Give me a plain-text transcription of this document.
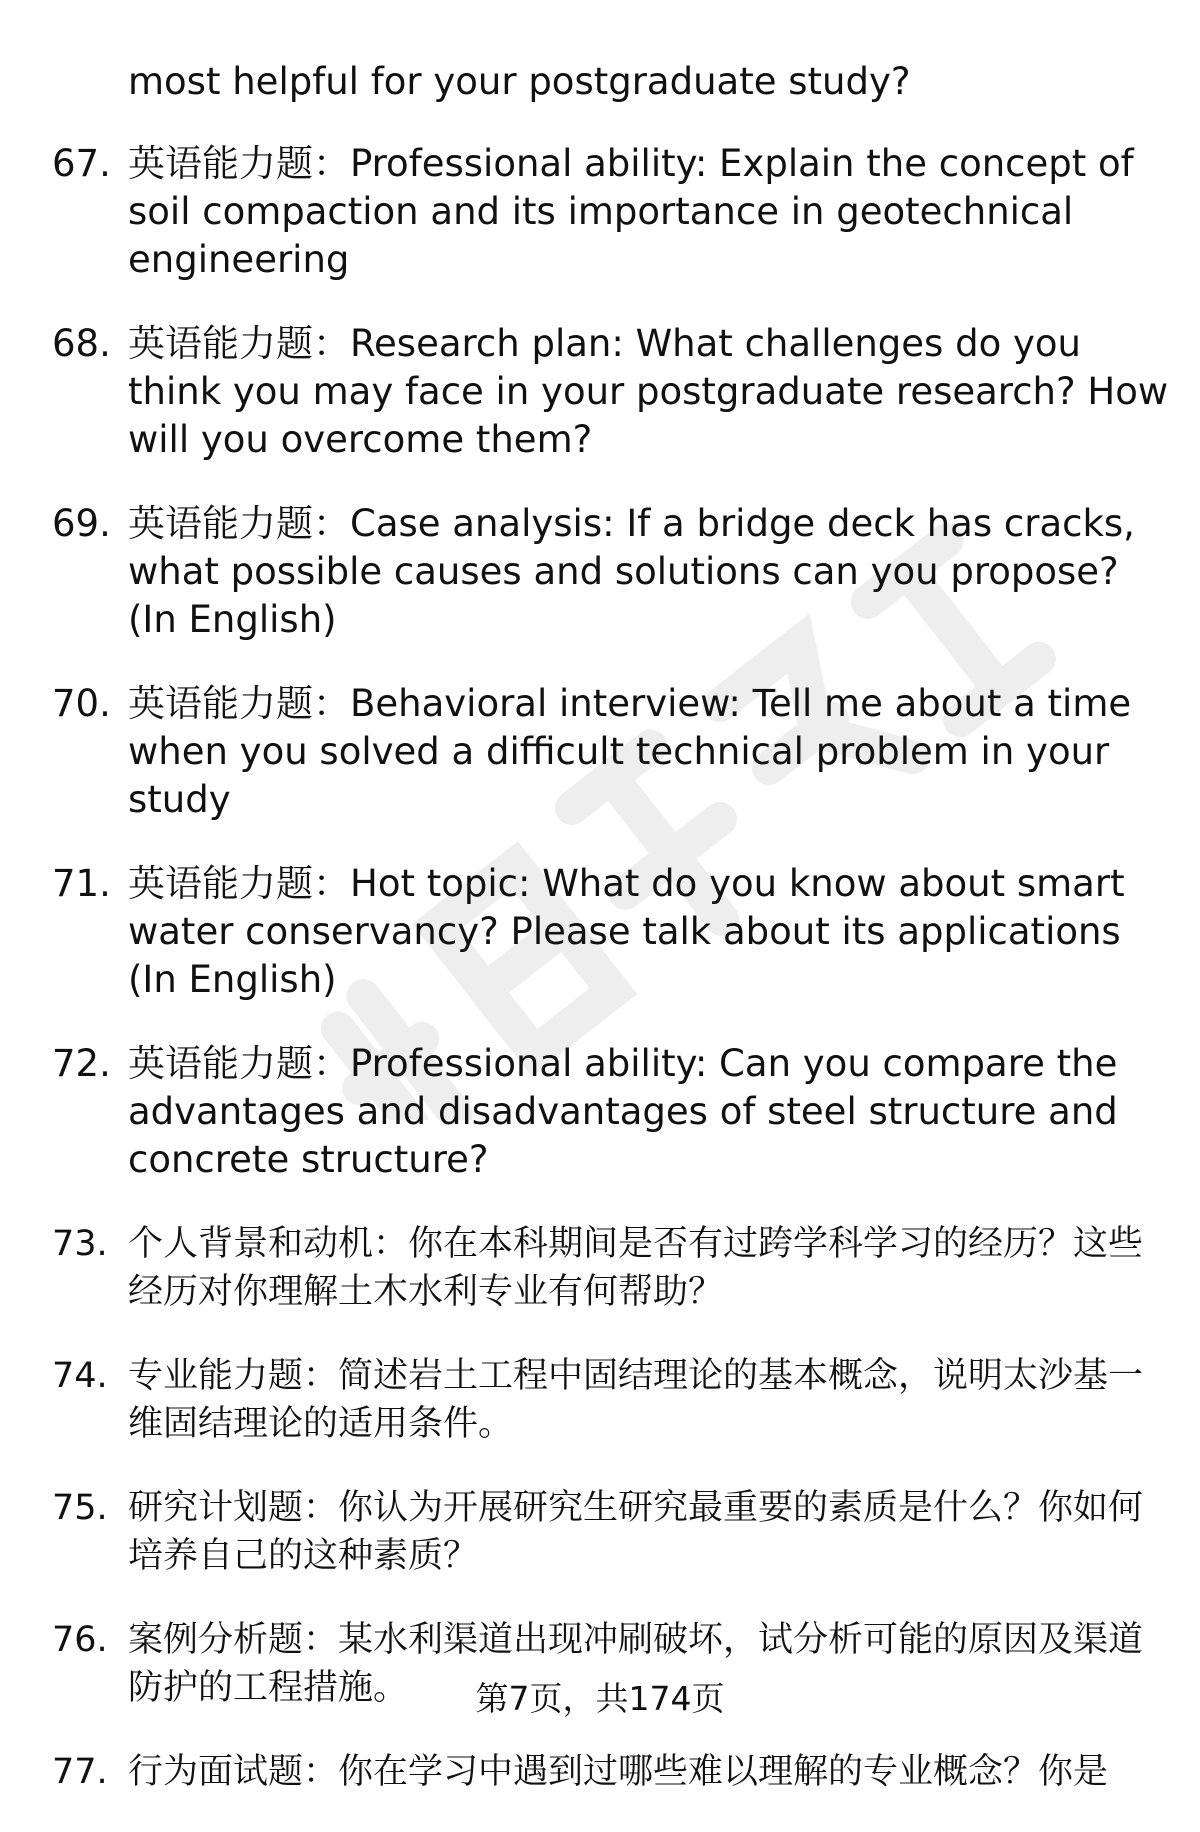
most helpful for your postgraduate study?

67. 英语能力题：Professional ability: Explain the concept of soil compaction and its importance in geotechnical engineering
68. 英语能力题：Research plan: What challenges do you think you may face in your postgraduate research? How will you overcome them?
69. 英语能力题：Case analysis: If a bridge deck has cracks, what possible causes and solutions can you propose? (In English)
70. 英语能力题：Behavioral interview: Tell me about a time when you solved a difficult technical problem in your study
71. 英语能力题：Hot topic: What do you know about smart water conservancy? Please talk about its applications (In English)
72. 英语能力题：Professional ability: Can you compare the advantages and disadvantages of steel structure and concrete structure?
73. 个人背景和动机：你在本科期间是否有过跨学科学习的经历？这些经历对你理解土木水利专业有何帮助？
74. 专业能力题：简述岩土工程中固结理论的基本概念，说明太沙基一维固结理论的适用条件。
75. 研究计划题：你认为开展研究生研究最重要的素质是什么？你如何培养自己的这种素质？
76. 案例分析题：某水利渠道出现冲刷破坏，试分析可能的原因及渠道防护的工程措施。
77. 行为面试题：你在学习中遇到过哪些难以理解的专业概念？你是
第7页，共174页
